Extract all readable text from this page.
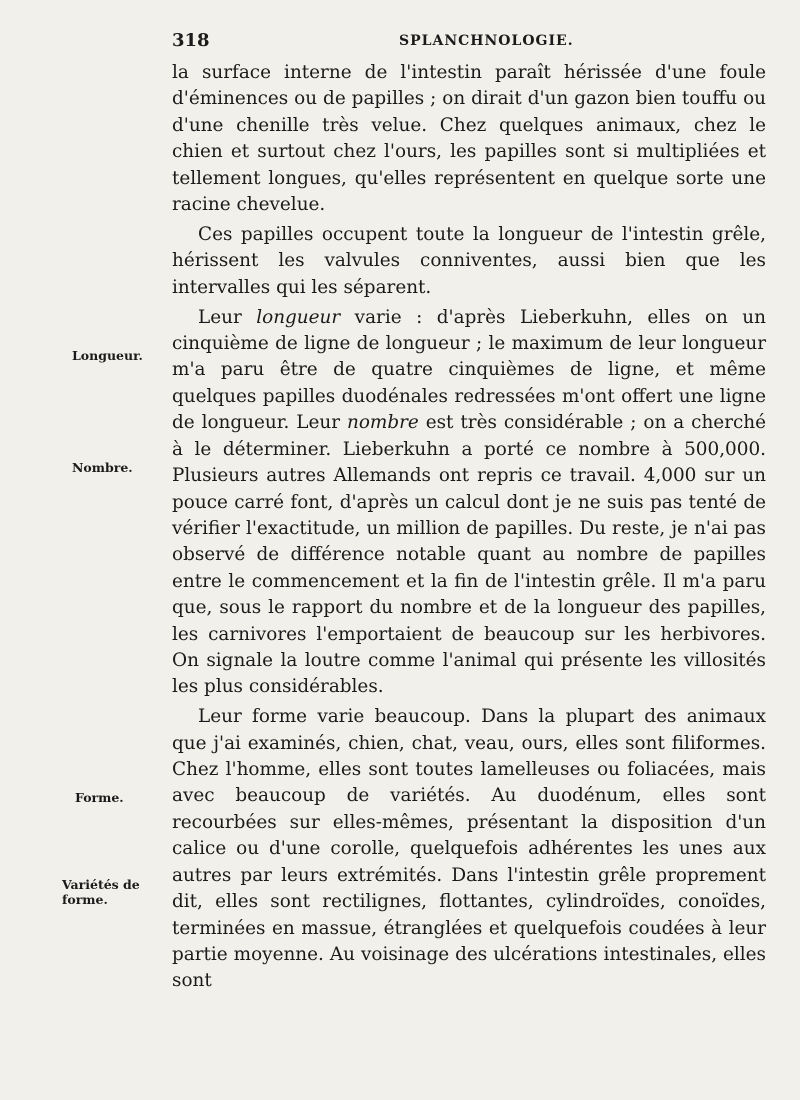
318	SPLANCHNOLOGIE.
Longueur.
Nombre.
Forme.
Variétés de forme.

la surface interne de l'intestin paraît hérissée d'une foule d'éminences ou de papilles ; on dirait d'un gazon bien touffu ou d'une chenille très velue. Chez quelques animaux, chez le chien et surtout chez l'ours, les papilles sont si multipliées et tellement longues, qu'elles représentent en quelque sorte une racine chevelue.

Ces papilles occupent toute la longueur de l'intestin grêle, hérissent les valvules conniventes, aussi bien que les intervalles qui les séparent.

Leur longueur varie : d'après Lieberkuhn, elles on un cinquième de ligne de longueur ; le maximum de leur longueur m'a paru être de quatre cinquièmes de ligne, et même quelques papilles duodénales redressées m'ont offert une ligne de longueur. Leur nombre est très considérable ; on a cherché à le déterminer. Lieberkuhn a porté ce nombre à 500,000. Plusieurs autres Allemands ont repris ce travail. 4,000 sur un pouce carré font, d'après un calcul dont je ne suis pas tenté de vérifier l'exactitude, un million de papilles. Du reste, je n'ai pas observé de différence notable quant au nombre de papilles entre le commencement et la fin de l'intestin grêle. Il m'a paru que, sous le rapport du nombre et de la longueur des papilles, les carnivores l'emportaient de beaucoup sur les herbivores. On signale la loutre comme l'animal qui présente les villosités les plus considérables.

Leur forme varie beaucoup. Dans la plupart des animaux que j'ai examinés, chien, chat, veau, ours, elles sont filiformes. Chez l'homme, elles sont toutes lamelleuses ou foliacées, mais avec beaucoup de variétés. Au duodénum, elles sont recourbées sur elles-mêmes, présentant la disposition d'un calice ou d'une corolle, quelquefois adhérentes les unes aux autres par leurs extrémités. Dans l'intestin grêle proprement dit, elles sont rectilignes, flottantes, cylindroïdes, conoïdes, terminées en massue, étranglées et quelquefois coudées à leur partie moyenne. Au voisinage des ulcérations intestinales, elles sont
